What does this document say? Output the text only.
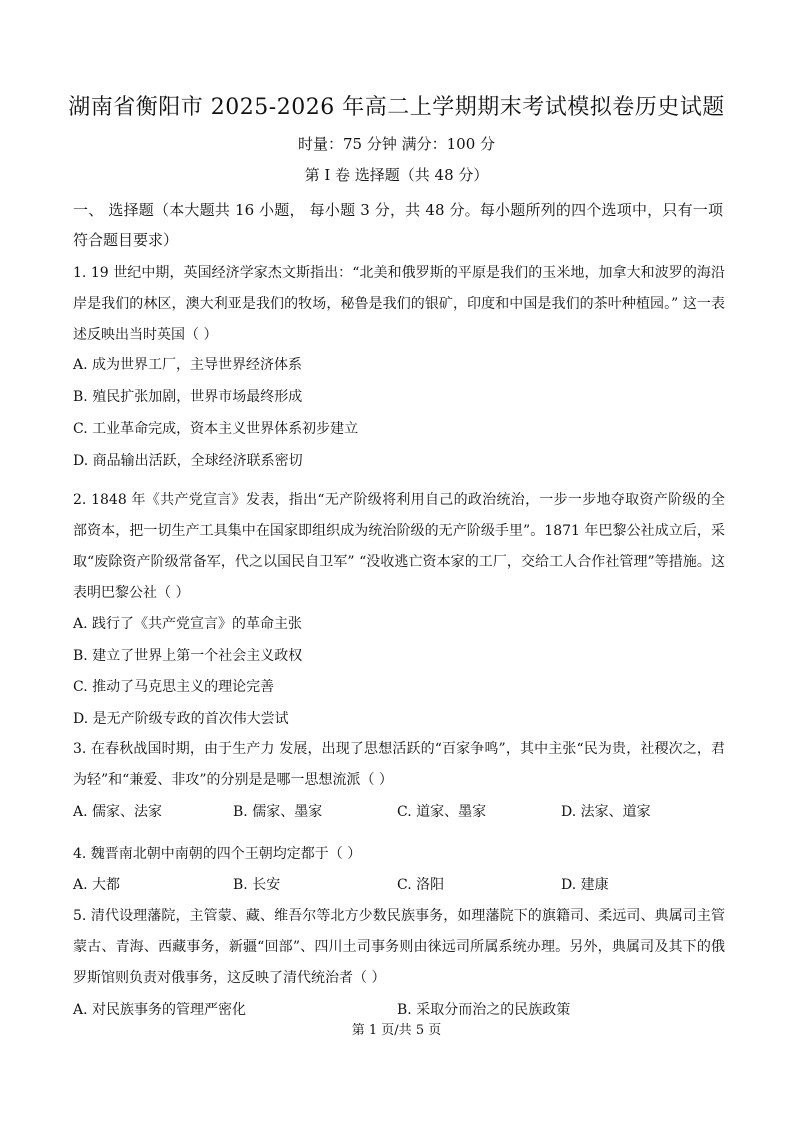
湖南省衡阳市 2025-2026 年高二上学期期末考试模拟卷历史试题
时量：75 分钟 满分：100 分
第 I 卷 选择题（共 48 分）
一、 选择题（本大题共 16 小题， 每小题 3 分，共 48 分。每小题所列的四个选项中，只有一项符合题目要求）

1. 19 世纪中期，英国经济学家杰文斯指出：“北美和俄罗斯的平原是我们的玉米地，加拿大和波罗的海沿岸是我们的林区，澳大利亚是我们的牧场，秘鲁是我们的银矿，印度和中国是我们的茶叶种植园。” 这一表述反映出当时英国（ ）

A. 成为世界工厂，主导世界经济体系

B. 殖民扩张加剧，世界市场最终形成

C. 工业革命完成，资本主义世界体系初步建立

D. 商品输出活跃，全球经济联系密切

2. 1848 年《共产党宣言》发表，指出“无产阶级将利用自己的政治统治，一步一步地夺取资产阶级的全部资本，把一切生产工具集中在国家即组织成为统治阶级的无产阶级手里”。1871 年巴黎公社成立后，采取“废除资产阶级常备军，代之以国民自卫军” “没收逃亡资本家的工厂，交给工人合作社管理”等措施。这表明巴黎公社（ ）

A. 践行了《共产党宣言》的革命主张

B. 建立了世界上第一个社会主义政权

C. 推动了马克思主义的理论完善

D. 是无产阶级专政的首次伟大尝试

3. 在春秋战国时期，由于生产力 发展，出现了思想活跃的“百家争鸣”，其中主张“民为贵，社稷次之，君为轻”和“兼爱、非攻”的分别是是哪一思想流派（ ）

A. 儒家、法家	B. 儒家、墨家	C. 道家、墨家	D. 法家、道家

4. 魏晋南北朝中南朝的四个王朝均定都于（ ）

A. 大都	B. 长安	C. 洛阳	D. 建康

5. 清代设理藩院，主管蒙、藏、维吾尔等北方少数民族事务，如理藩院下的旗籍司、柔远司、典属司主管蒙古、青海、西藏事务，新疆“回部”、四川土司事务则由徕远司所属系统办理。另外，典属司及其下的俄罗斯馆则负责对俄事务，这反映了清代统治者（ ）

A. 对民族事务的管理严密化	B. 采取分而治之的民族政策
第 1 页/共 5 页
